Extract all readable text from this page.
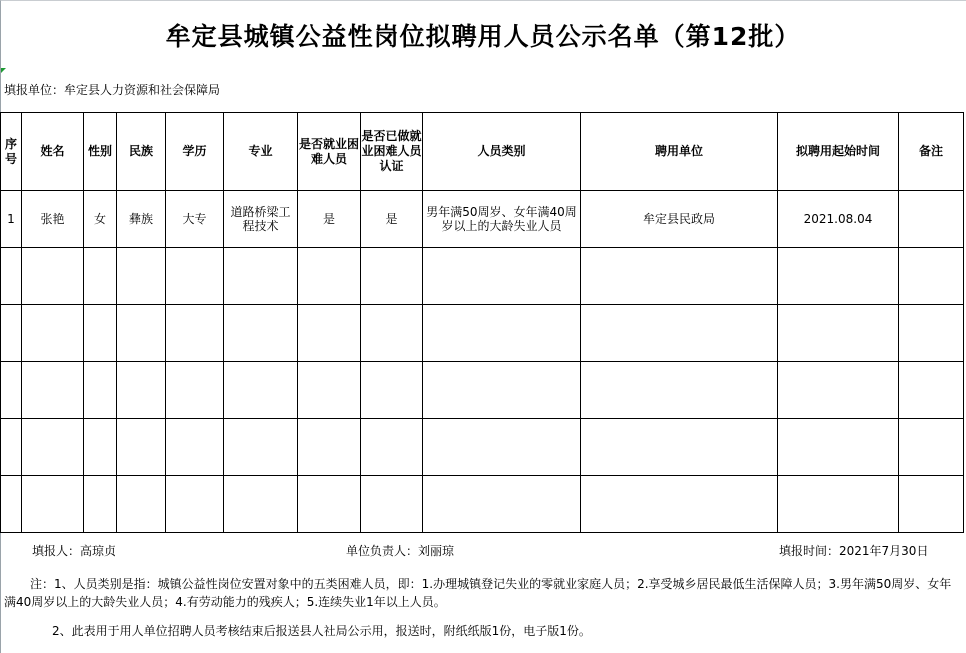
牟定县城镇公益性岗位拟聘用人员公示名单（第12批）
填报单位：牟定县人力资源和社会保障局
序号	姓名	性别	民族	学历	专业	是否就业困难人员	是否已做就业困难人员认证	人员类别	聘用单位	拟聘用起始时间	备注
1	张艳	女	彝族	大专	道路桥梁工程技术	是	是	男年满50周岁、女年满40周岁以上的大龄失业人员	牟定县民政局	2021.08.04	

填报人：高琼贞	单位负责人：刘丽琼	填报时间：2021年7月30日
注：1、人员类别是指：城镇公益性岗位安置对象中的五类困难人员，即：1.办理城镇登记失业的零就业家庭人员；2.享受城乡居民最低生活保障人员；3.男年满50周岁、女年满40周岁以上的大龄失业人员；4.有劳动能力的残疾人；5.连续失业1年以上人员。
2、此表用于用人单位招聘人员考核结束后报送县人社局公示用，报送时，附纸纸版1份，电子版1份。
